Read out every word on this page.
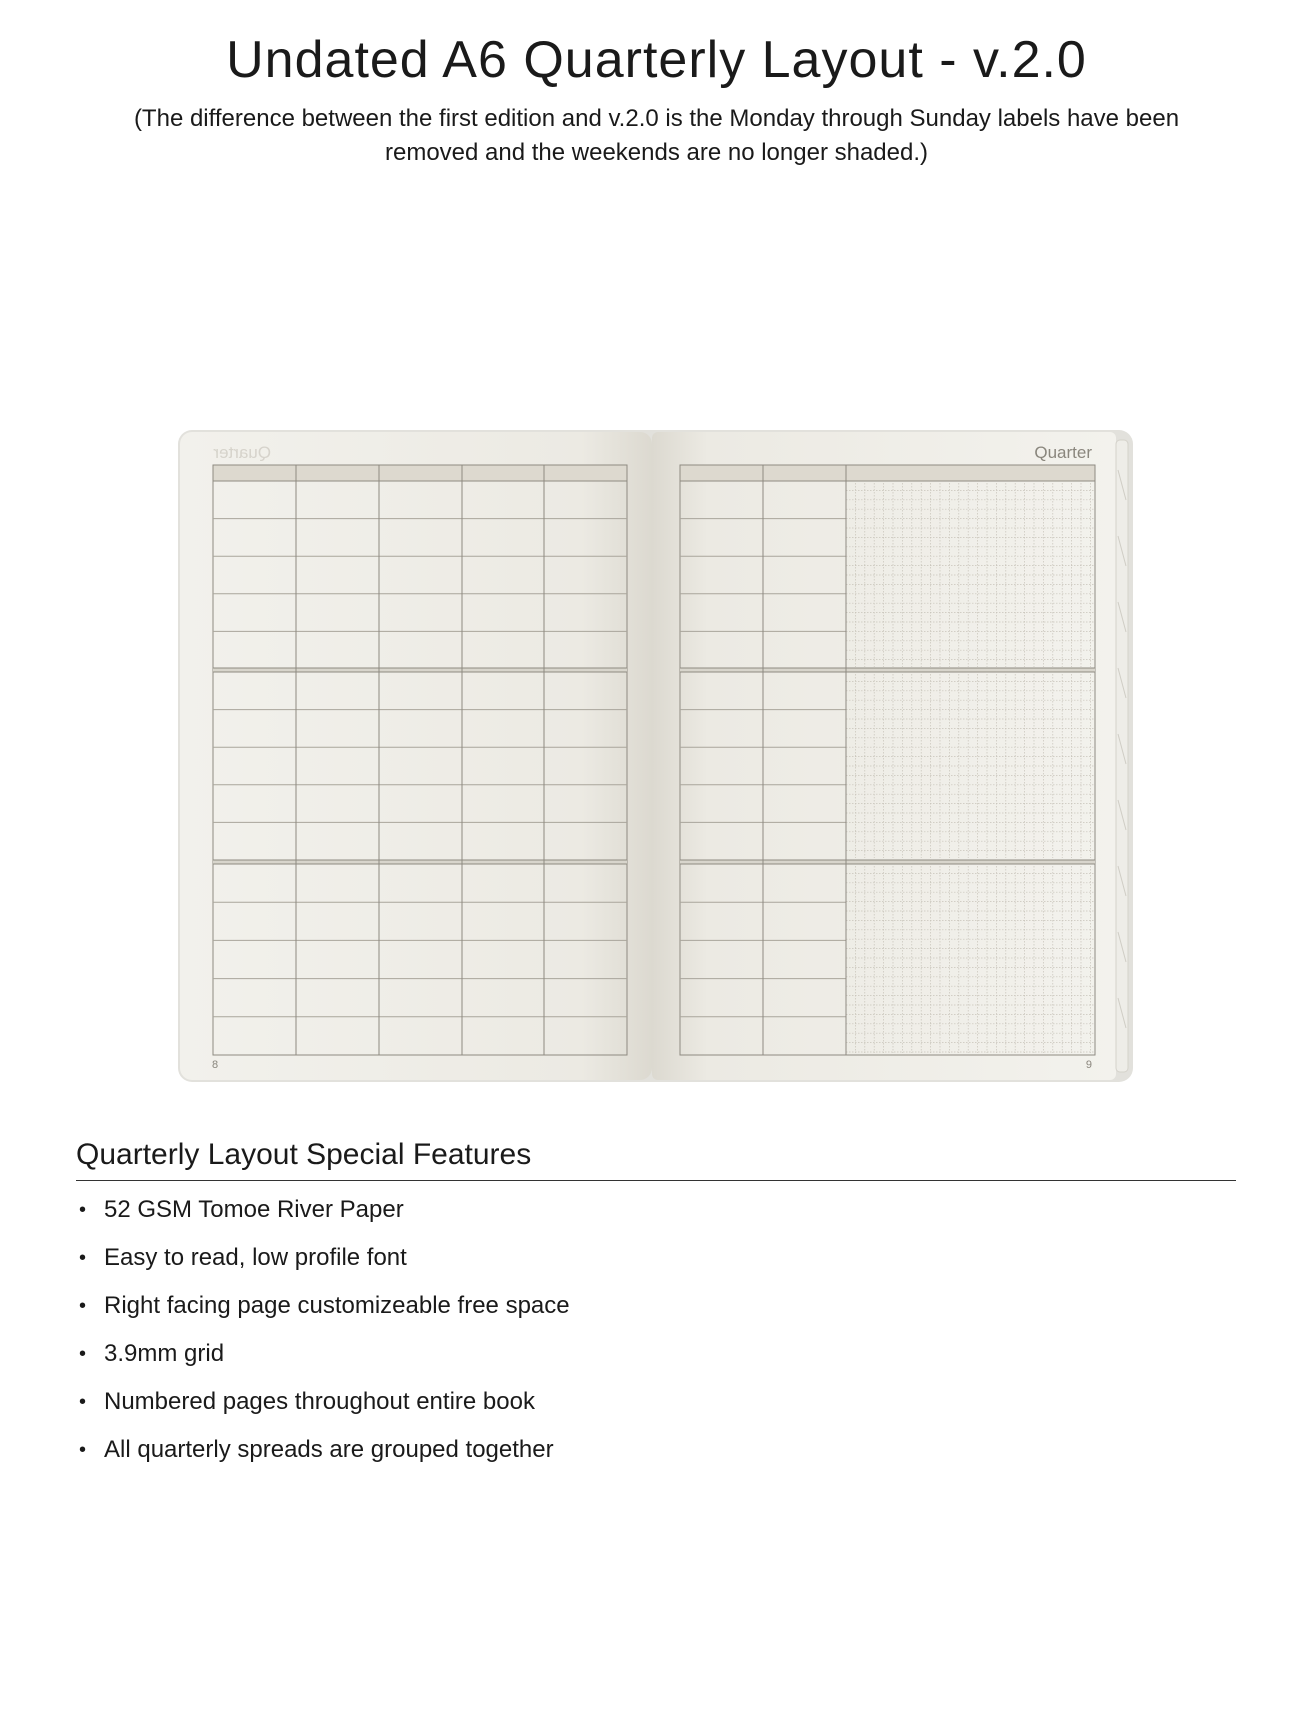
Undated A6 Quarterly Layout - v.2.0

(The difference between the first edition and v.2.0 is the Monday through Sunday labels have been removed and the weekends are no longer shaded.)

Quarter	Quarter
8	9
Quarterly Layout Special Features
• 52 GSM Tomoe River Paper
• Easy to read, low profile font
• Right facing page customizeable free space
• 3.9mm grid
• Numbered pages throughout entire book
• All quarterly spreads are grouped together
